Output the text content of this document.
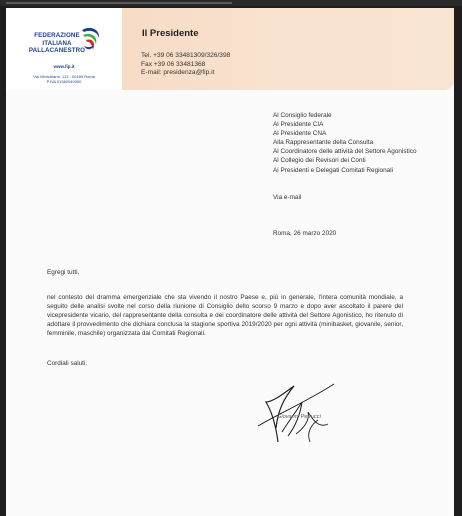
FEDERAZIONE
ITALIANA
PALLACANESTRO
www.fip.it
Via Vitorchiano, 113 - 00189 Roma
P.IVA 01382040000
Il Presidente
Tel. +39 06 33481309/326/398
Fax +39 06 33481368
E-mail: presidenza@fip.it
Al Consiglio federale
Al Presidente CIA
Al Presidente CNA
Alla Rappresentante della Consulta
Al Coordinatore delle attività del Settore Agonistico
Al Collegio dei Revisori dei Conti
Ai Presidenti e Delegati Comitati Regionali
Via e-mail
Roma, 26 marzo 2020
Egregi tutti,
nel contesto del dramma emergenziale che sta vivendo il nostro Paese e, più in generale, l'intera comunità mondiale, a seguito delle analisi svolte nel corso della riunione di Consiglio dello scorso 9 marzo e dopo aver ascoltato il parere del vicepresidente vicario, del rappresentante della consulta e dei coordinatore delle attività del Settore Agonistico, ho ritenuto di adottare il provvedimento che dichiara conclusa la stagione sportiva 2019/2020 per ogni attività (minibasket, giovanile, senior, femminile, maschile) organizzata dai Comitati Regionali.
Cordiali saluti.
Giovanni Petrucci
